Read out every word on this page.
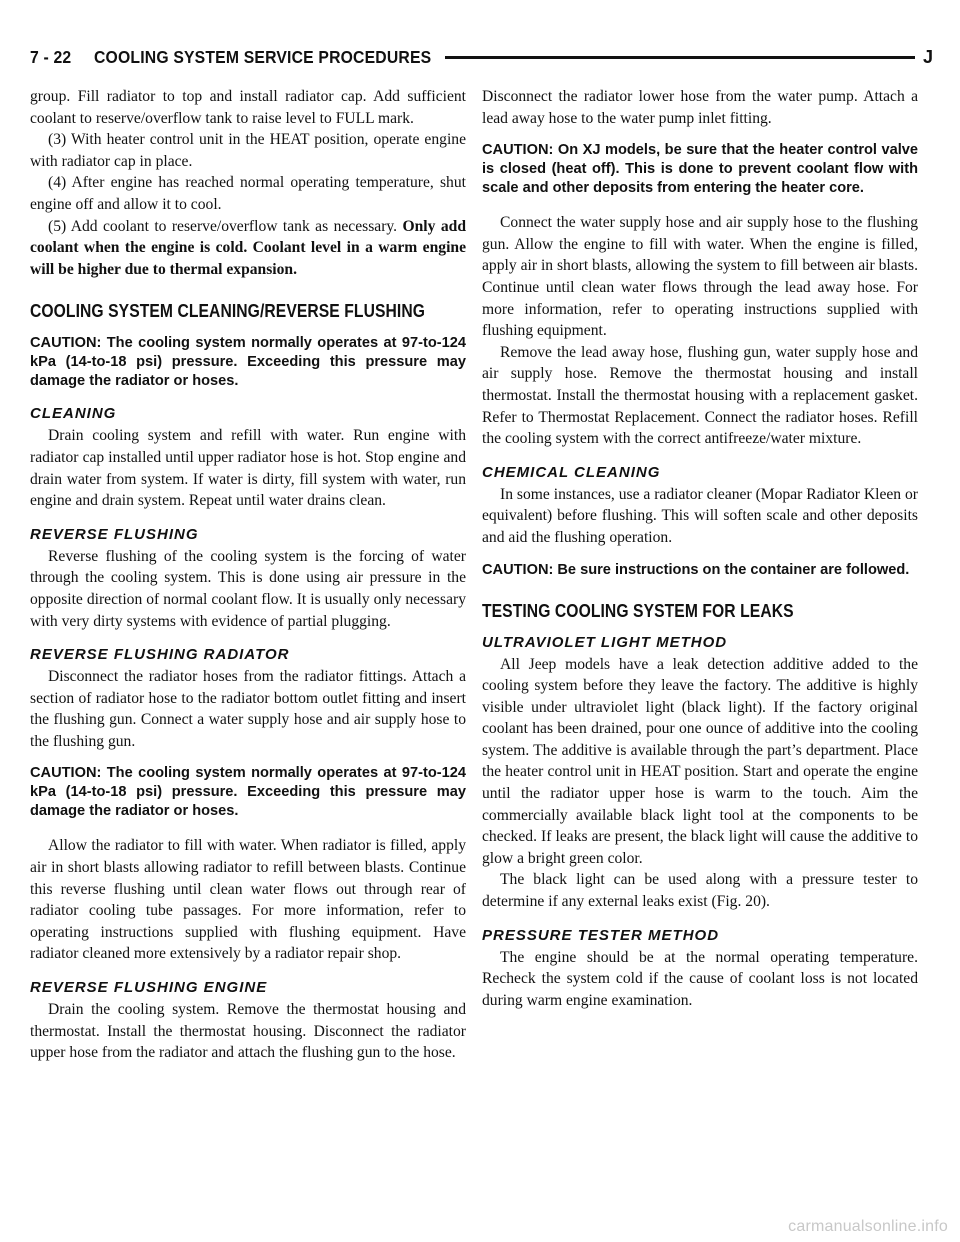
7 - 22 COOLING SYSTEM SERVICE PROCEDURES	J

group. Fill radiator to top and install radiator cap. Add sufficient coolant to reserve/overflow tank to raise level to FULL mark.

(3) With heater control unit in the HEAT position, operate engine with radiator cap in place.

(4) After engine has reached normal operating temperature, shut engine off and allow it to cool.

(5) Add coolant to reserve/overflow tank as necessary. Only add coolant when the engine is cold. Coolant level in a warm engine will be higher due to thermal expansion.

COOLING SYSTEM CLEANING/REVERSE FLUSHING
CAUTION: The cooling system normally operates at 97-to-124 kPa (14-to-18 psi) pressure. Exceeding this pressure may damage the radiator or hoses.
CLEANING

Drain cooling system and refill with water. Run engine with radiator cap installed until upper radiator hose is hot. Stop engine and drain water from system. If water is dirty, fill system with water, run engine and drain system. Repeat until water drains clean.

REVERSE FLUSHING

Reverse flushing of the cooling system is the forcing of water through the cooling system. This is done using air pressure in the opposite direction of normal coolant flow. It is usually only necessary with very dirty systems with evidence of partial plugging.

REVERSE FLUSHING RADIATOR

Disconnect the radiator hoses from the radiator fittings. Attach a section of radiator hose to the radiator bottom outlet fitting and insert the flushing gun. Connect a water supply hose and air supply hose to the flushing gun.

CAUTION: The cooling system normally operates at 97-to-124 kPa (14-to-18 psi) pressure. Exceeding this pressure may damage the radiator or hoses.

Allow the radiator to fill with water. When radiator is filled, apply air in short blasts allowing radiator to refill between blasts. Continue this reverse flushing until clean water flows out through rear of radiator cooling tube passages. For more information, refer to operating instructions supplied with flushing equipment. Have radiator cleaned more extensively by a radiator repair shop.

REVERSE FLUSHING ENGINE

Drain the cooling system. Remove the thermostat housing and thermostat. Install the thermostat housing. Disconnect the radiator upper hose from the radiator and attach the flushing gun to the hose.

Disconnect the radiator lower hose from the water pump. Attach a lead away hose to the water pump inlet fitting.

CAUTION: On XJ models, be sure that the heater control valve is closed (heat off). This is done to prevent coolant flow with scale and other deposits from entering the heater core.

Connect the water supply hose and air supply hose to the flushing gun. Allow the engine to fill with water. When the engine is filled, apply air in short blasts, allowing the system to fill between air blasts. Continue until clean water flows through the lead away hose. For more information, refer to operating instructions supplied with flushing equipment.

Remove the lead away hose, flushing gun, water supply hose and air supply hose. Remove the thermostat housing and install thermostat. Install the thermostat housing with a replacement gasket. Refer to Thermostat Replacement. Connect the radiator hoses. Refill the cooling system with the correct antifreeze/water mixture.

CHEMICAL CLEANING

In some instances, use a radiator cleaner (Mopar Radiator Kleen or equivalent) before flushing. This will soften scale and other deposits and aid the flushing operation.

CAUTION: Be sure instructions on the container are followed.
TESTING COOLING SYSTEM FOR LEAKS
ULTRAVIOLET LIGHT METHOD

All Jeep models have a leak detection additive added to the cooling system before they leave the factory. The additive is highly visible under ultraviolet light (black light). If the factory original coolant has been drained, pour one ounce of additive into the cooling system. The additive is available through the part’s department. Place the heater control unit in HEAT position. Start and operate the engine until the radiator upper hose is warm to the touch. Aim the commercially available black light tool at the components to be checked. If leaks are present, the black light will cause the additive to glow a bright green color.

The black light can be used along with a pressure tester to determine if any external leaks exist (Fig. 20).

PRESSURE TESTER METHOD

The engine should be at the normal operating temperature. Recheck the system cold if the cause of coolant loss is not located during warm engine examination.

carmanualsonline.info
